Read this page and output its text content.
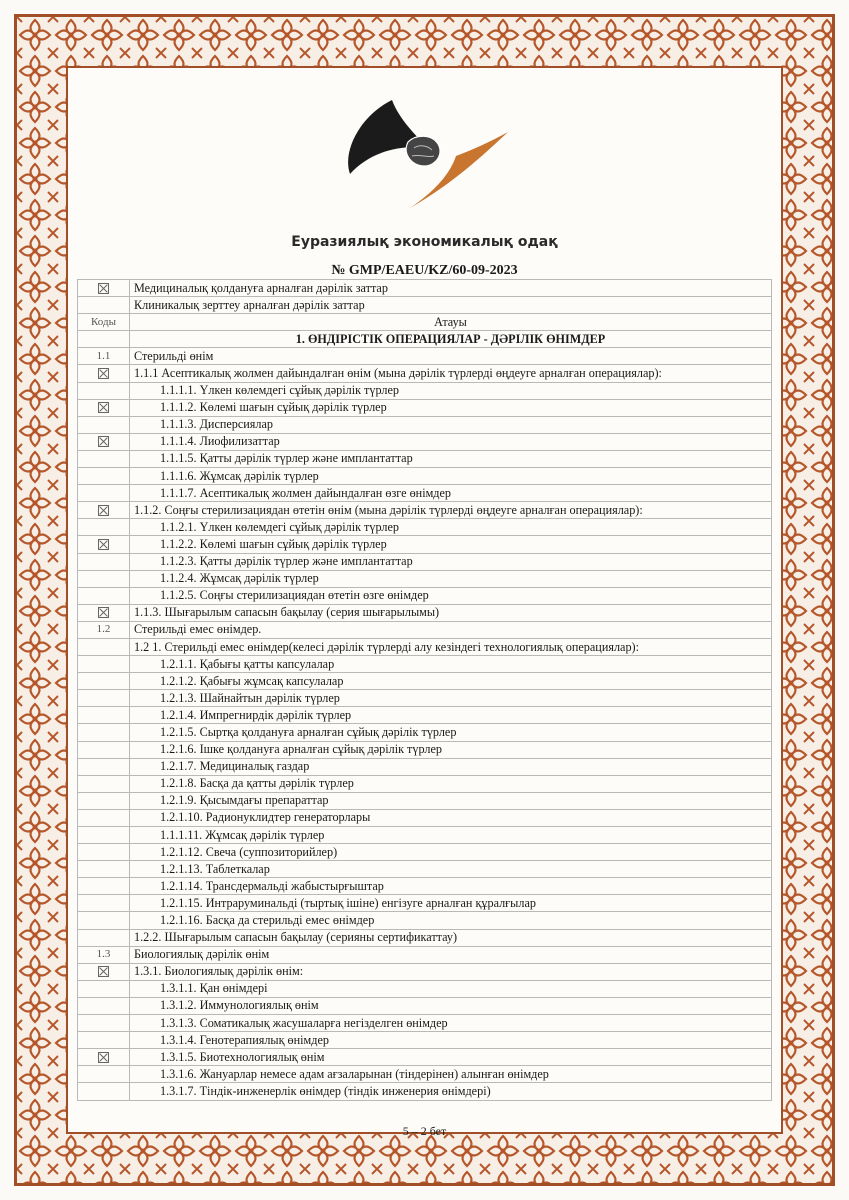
Еуразиялық экономикалық одақ
№ GMP/EAEU/KZ/60-09-2023
	Медициналық қолдануға арналған дәрілік заттар
	Клиникалық зерттеу арналған дәрілік заттар
Коды	Атауы
	1. ӨНДІРІСТІК ОПЕРАЦИЯЛАР - ДӘРІЛІК ӨНІМДЕР
1.1	Стерильді өнім
	1.1.1 Асептикалық жолмен дайындалған өнім (мына дәрілік түрлерді өңдеуге арналған операциялар):
	1.1.1.1. Үлкен көлемдегі сұйық дәрілік түрлер
	1.1.1.2. Көлемі шағын сұйық дәрілік түрлер
	1.1.1.3. Дисперсиялар
	1.1.1.4. Лиофилизаттар
	1.1.1.5. Қатты дәрілік түрлер және имплантаттар
	1.1.1.6. Жұмсақ дәрілік түрлер
	1.1.1.7. Асептикалық жолмен дайындалған өзге өнімдер
	1.1.2. Соңғы стерилизациядан өтетін өнім (мына дәрілік түрлерді өңдеуге арналған операциялар):
	1.1.2.1. Үлкен көлемдегі сұйық дәрілік түрлер
	1.1.2.2. Көлемі шағын сұйық дәрілік түрлер
	1.1.2.3. Қатты дәрілік түрлер және имплантаттар
	1.1.2.4. Жұмсақ дәрілік түрлер
	1.1.2.5. Соңғы стерилизациядан өтетін өзге өнімдер
	1.1.3. Шығарылым сапасын бақылау (серия шығарылымы)
1.2	Стерильді емес өнімдер.
	1.2 1. Стерильді емес өнімдер(келесі дәрілік түрлерді алу кезіндегі технологиялық операциялар):
	1.2.1.1. Қабығы қатты капсулалар
	1.2.1.2. Қабығы жұмсақ капсулалар
	1.2.1.3. Шайнайтын дәрілік түрлер
	1.2.1.4. Импрегнирдік дәрілік түрлер
	1.2.1.5. Сыртқа қолдануға арналған сұйық дәрілік түрлер
	1.2.1.6. Ішке қолдануға арналған сұйық дәрілік түрлер
	1.2.1.7. Медициналық газдар
	1.2.1.8. Басқа да қатты дәрілік түрлер
	1.2.1.9. Қысымдағы препараттар
	1.2.1.10. Радионуклидтер генераторлары
	1.1.1.11. Жұмсақ дәрілік түрлер
	1.2.1.12. Свеча (суппозиторийлер)
	1.2.1.13. Таблеткалар
	1.2.1.14. Трансдермальді жабыстырғыштар
	1.2.1.15. Интраруминальді (тыртық ішіне) енгізуге арналған құралғылар
	1.2.1.16. Басқа да стерильді емес өнімдер
	1.2.2. Шығарылым сапасын бақылау (серияны сертификаттау)
1.3	Биологиялық дәрілік өнім
	1.3.1. Биологиялық дәрілік өнім:
	1.3.1.1. Қан өнімдері
	1.3.1.2. Иммунологиялық өнім
	1.3.1.3. Соматикалық жасушаларға негізделген өнімдер
	1.3.1.4. Генотерапиялық өнімдер
	1.3.1.5. Биотехнологиялық өнім
	1.3.1.6. Жануарлар немесе адам ағзаларынан (тіндерінен) алынған өнімдер
	1.3.1.7. Тіндік-инженерлік өнімдер (тіндік инженерия өнімдері)
5 – 2 бет
